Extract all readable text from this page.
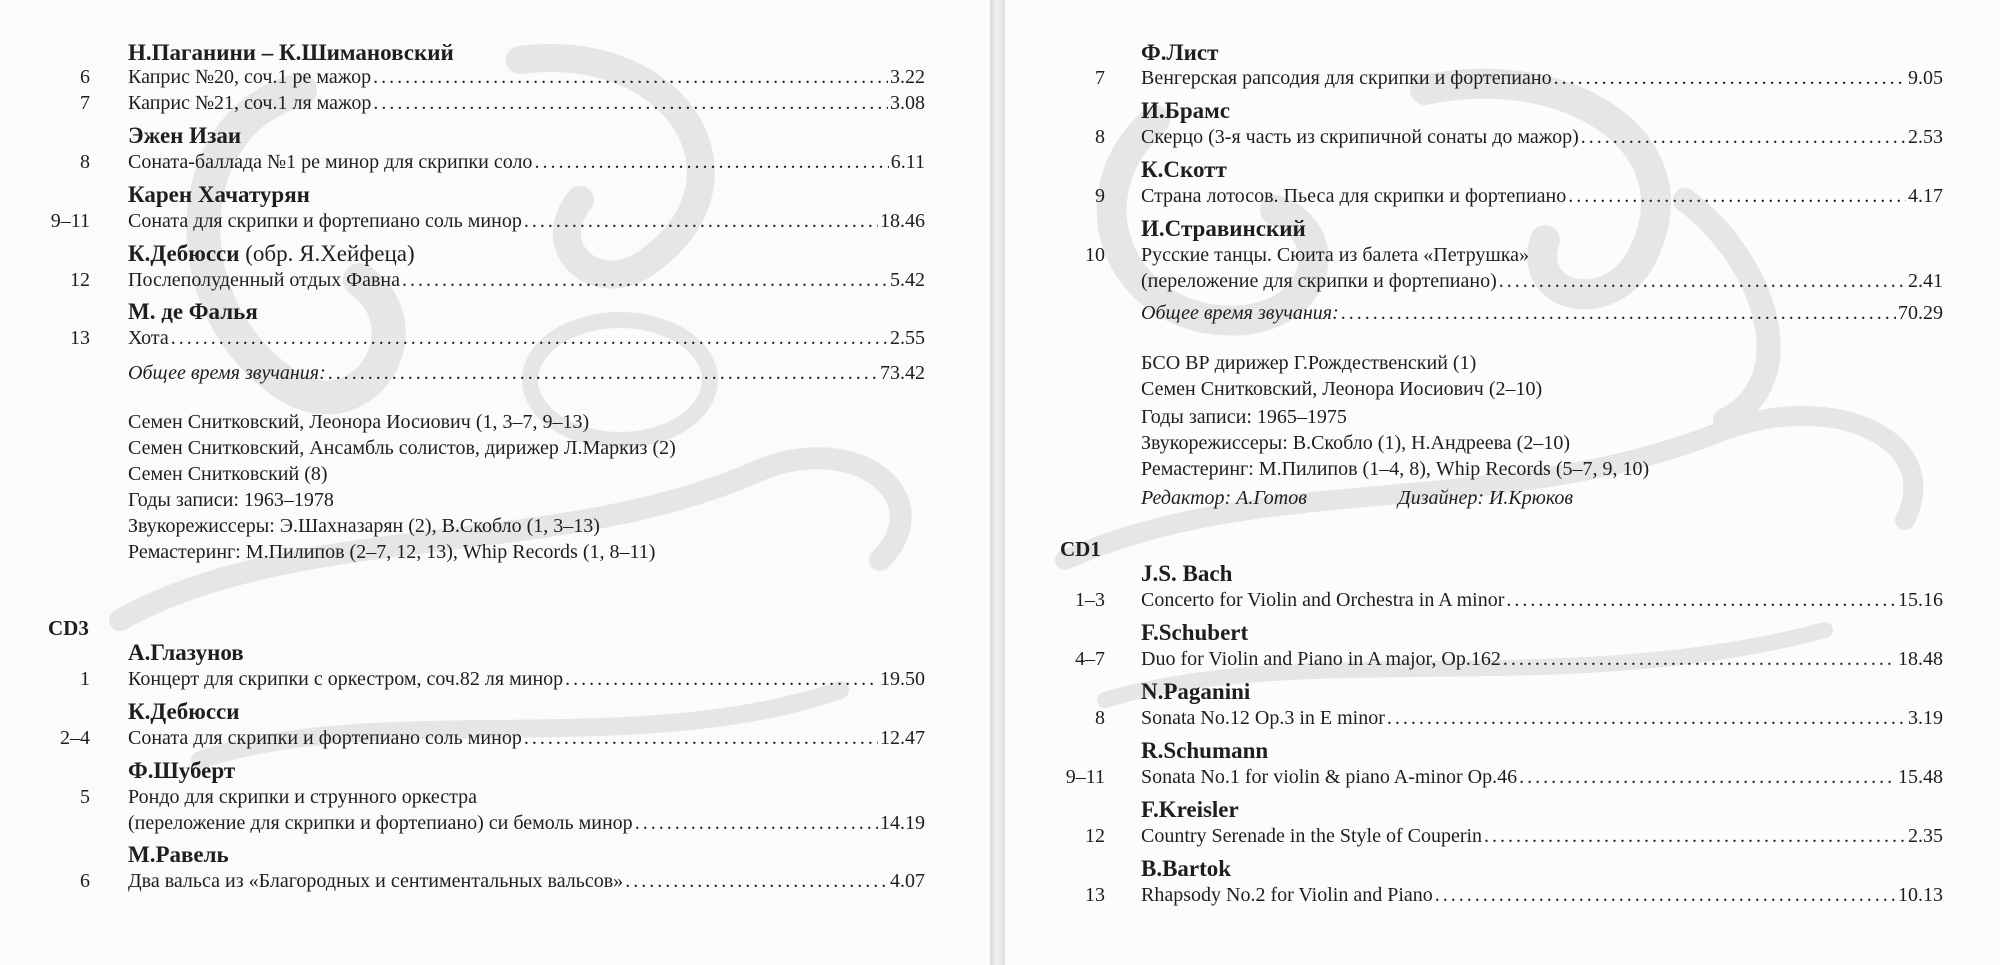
Н.Паганини – К.Шимановский
6 Каприс №20, соч.1 ре мажор . . .	3.22
7 Каприс №21, соч.1 ля мажор . . .	3.08
Эжен Изаи
8 Соната-баллада №1 ре минор для скрипки соло . . .	6.11
Карен Хачатурян
9–11 Соната для скрипки и фортепиано соль минор . . .	18.46
К.Дебюсси (обр. Я.Хейфеца)
12 Послеполуденный отдых Фавна . . .	5.42
М. де Фалья
13 Хота . . .	2.55
Общее время звучания: . . .	73.42
Семен Снитковский, Леонора Иосиович (1, 3–7, 9–13)
Семен Снитковский, Ансамбль солистов, дирижер Л.Маркиз (2)
Семен Снитковский (8)
Годы записи: 1963–1978
Звукорежиссеры: Э.Шахназарян (2), В.Скобло (1, 3–13)
Ремастеринг: М.Пилипов (2–7, 12, 13), Whip Records (1, 8–11)
CD3
А.Глазунов
1 Концерт для скрипки с оркестром, соч.82 ля минор . . .	19.50
К.Дебюсси
2–4 Соната для скрипки и фортепиано соль минор . . .	12.47
Ф.Шуберт
5 Рондо для скрипки и струнного оркестра
(переложение для скрипки и фортепиано) си бемоль минор . . .	14.19
М.Равель
6 Два вальса из «Благородных и сентиментальных вальсов» . . .	4.07
Ф.Лист
7 Венгерская рапсодия для скрипки и фортепиано . . .	9.05
И.Брамс
8 Скерцо (3-я часть из скрипичной сонаты до мажор) . . .	2.53
К.Скотт
9 Страна лотосов. Пьеса для скрипки и фортепиано . . .	4.17
И.Стравинский
10 Русские танцы. Сюита из балета «Петрушка»
(переложение для скрипки и фортепиано) . . .	2.41
Общее время звучания: . . .	70.29
БСО ВР дирижер Г.Рождественский (1)
Семен Снитковский, Леонора Иосиович (2–10)
Годы записи: 1965–1975
Звукорежиссеры: В.Скобло (1), Н.Андреева (2–10)
Ремастеринг: М.Пилипов (1–4, 8), Whip Records (5–7, 9, 10)
Редактор: А.Готов	Дизайнер: И.Крюков
CD1
J.S. Bach
1–3 Concerto for Violin and Orchestra in A minor . . .	15.16
F.Schubert
4–7 Duo for Violin and Piano in A major, Op.162 . . .	18.48
N.Paganini
8 Sonata No.12 Op.3 in E minor . . .	3.19
R.Schumann
9–11 Sonata No.1 for violin & piano A-minor Op.46 . . .	15.48
F.Kreisler
12 Country Serenade in the Style of Couperin . . .	2.35
B.Bartok
13 Rhapsody No.2 for Violin and Piano . . .	10.13
